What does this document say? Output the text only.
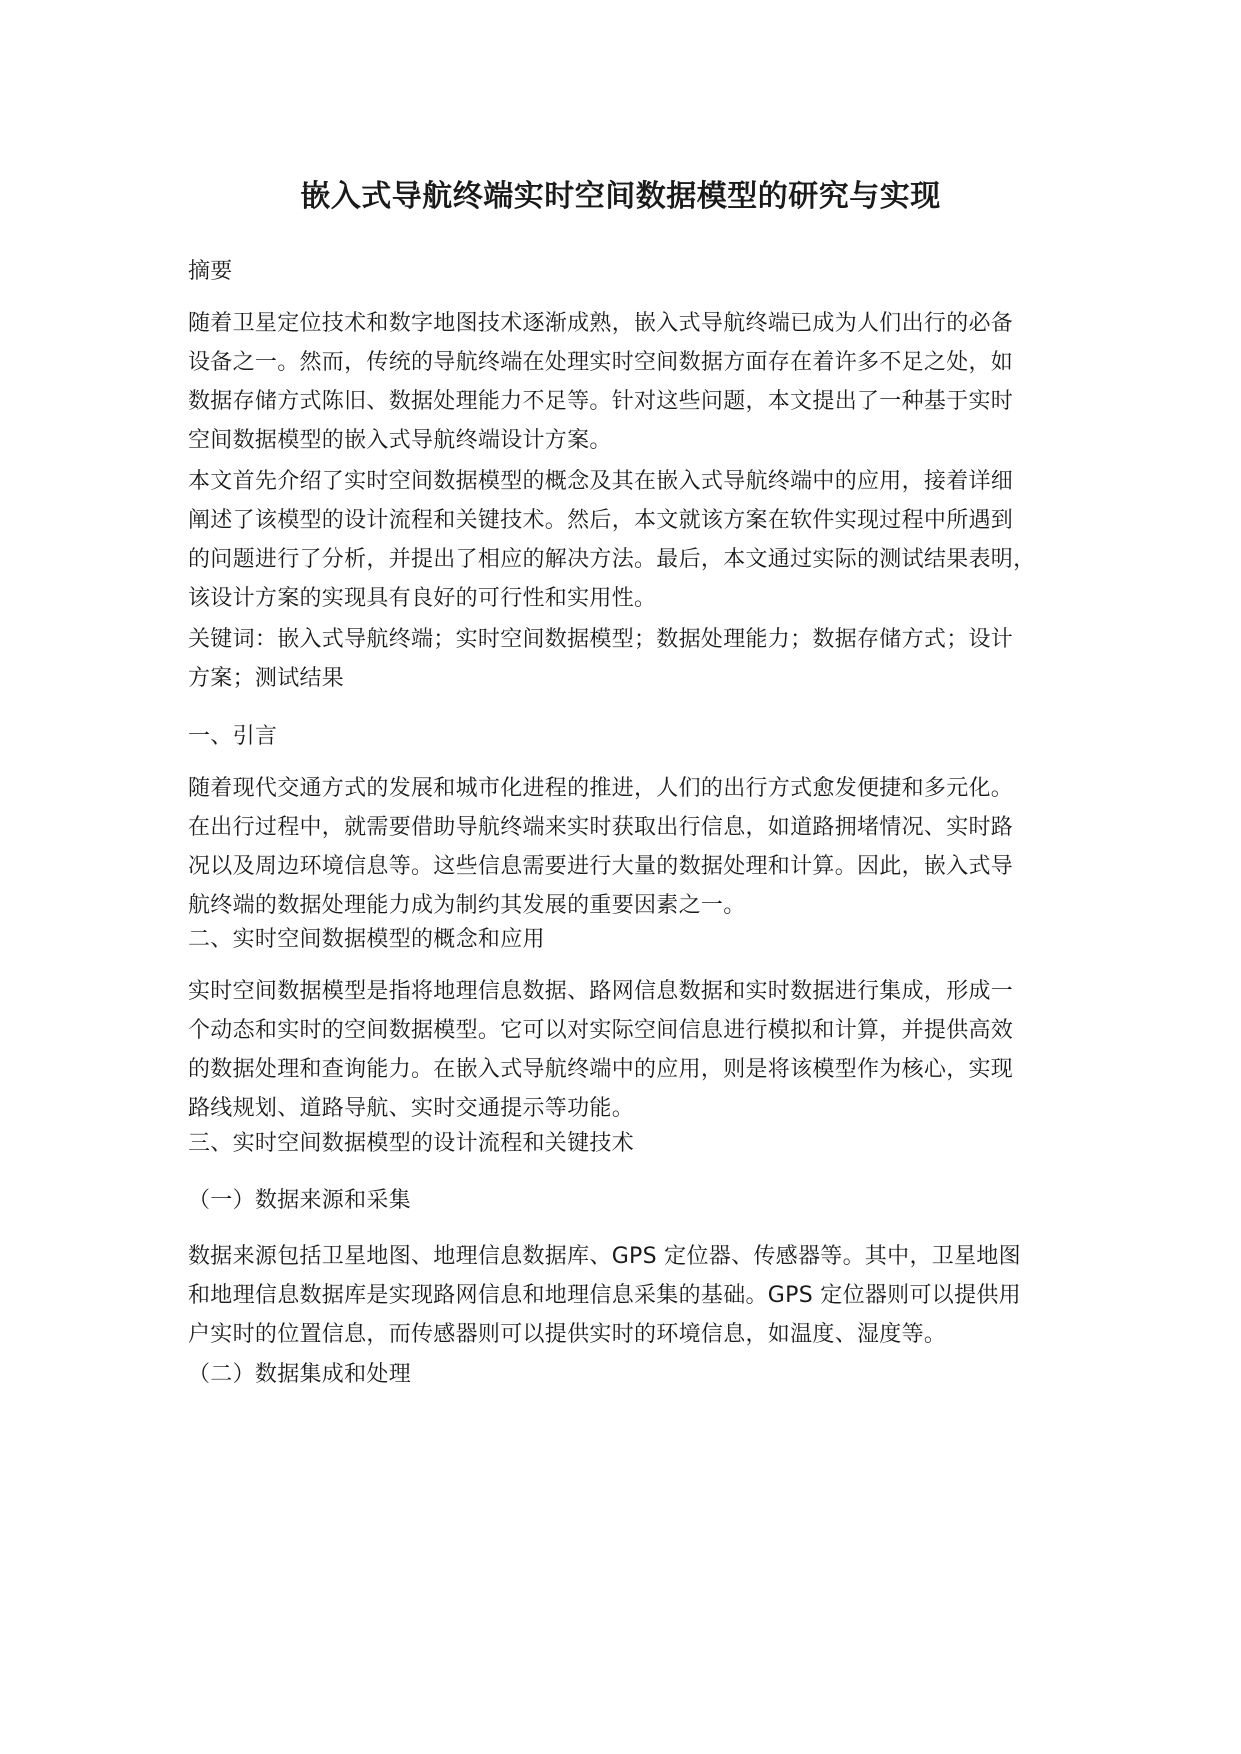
嵌入式导航终端实时空间数据模型的研究与实现

摘要

随着卫星定位技术和数字地图技术逐渐成熟，嵌入式导航终端已成为人们出行的必备
设备之一。然而，传统的导航终端在处理实时空间数据方面存在着许多不足之处，如
数据存储方式陈旧、数据处理能力不足等。针对这些问题，本文提出了一种基于实时
空间数据模型的嵌入式导航终端设计方案。

本文首先介绍了实时空间数据模型的概念及其在嵌入式导航终端中的应用，接着详细
阐述了该模型的设计流程和关键技术。然后，本文就该方案在软件实现过程中所遇到
的问题进行了分析，并提出了相应的解决方法。最后，本文通过实际的测试结果表明，
该设计方案的实现具有良好的可行性和实用性。

关键词：嵌入式导航终端；实时空间数据模型；数据处理能力；数据存储方式；设计
方案；测试结果

一、引言

随着现代交通方式的发展和城市化进程的推进，人们的出行方式愈发便捷和多元化。
在出行过程中，就需要借助导航终端来实时获取出行信息，如道路拥堵情况、实时路
况以及周边环境信息等。这些信息需要进行大量的数据处理和计算。因此，嵌入式导
航终端的数据处理能力成为制约其发展的重要因素之一。

二、实时空间数据模型的概念和应用

实时空间数据模型是指将地理信息数据、路网信息数据和实时数据进行集成，形成一
个动态和实时的空间数据模型。它可以对实际空间信息进行模拟和计算，并提供高效
的数据处理和查询能力。在嵌入式导航终端中的应用，则是将该模型作为核心，实现
路线规划、道路导航、实时交通提示等功能。

三、实时空间数据模型的设计流程和关键技术

（一）数据来源和采集

数据来源包括卫星地图、地理信息数据库、GPS 定位器、传感器等。其中，卫星地图
和地理信息数据库是实现路网信息和地理信息采集的基础。GPS 定位器则可以提供用
户实时的位置信息，而传感器则可以提供实时的环境信息，如温度、湿度等。

（二）数据集成和处理
